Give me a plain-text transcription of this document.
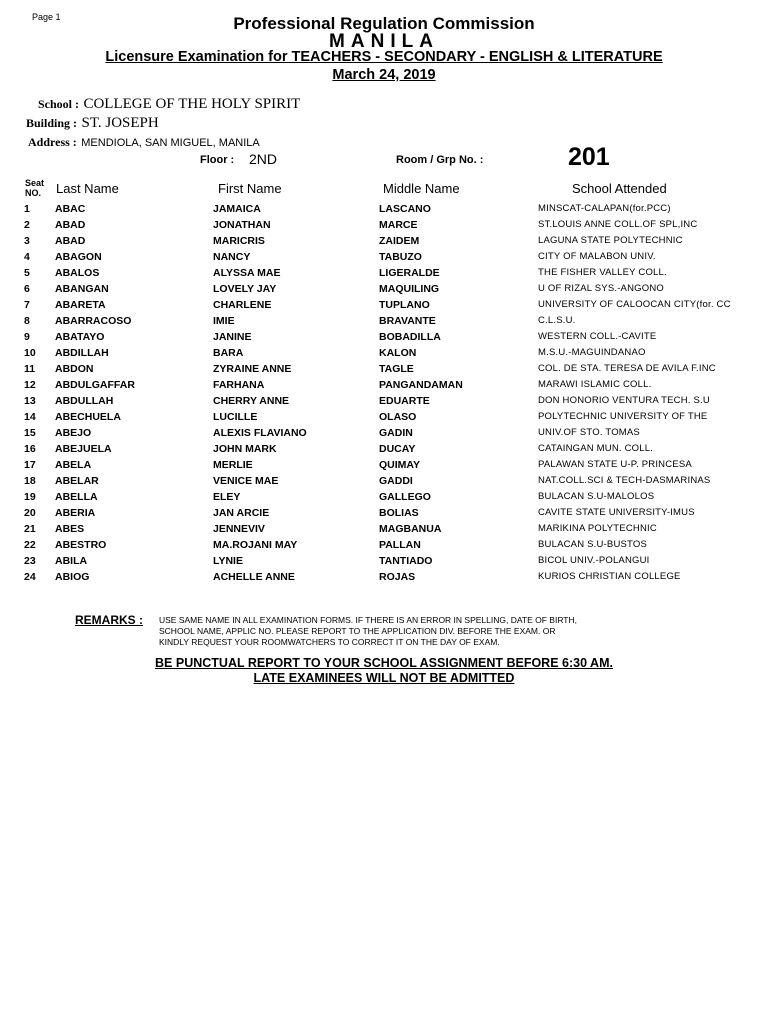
Page 1	Professional Regulation Commission
MANILA
Licensure Examination for TEACHERS - SECONDARY - ENGLISH & LITERATURE
March 24, 2019
School : COLLEGE OF THE HOLY SPIRIT
Building : ST. JOSEPH
Address : MENDIOLA, SAN MIGUEL, MANILA
Floor : 2ND	Room / Grp No. :	201
Seat
NO. Last Name	First Name	Middle Name	School Attended
1	ABAC	JAMAICA	LASCANO	MINSCAT-CALAPAN(for.PCC)
2	ABAD	JONATHAN	MARCE	ST.LOUIS ANNE COLL.OF SPL,INC
3	ABAD	MARICRIS	ZAIDEM	LAGUNA STATE POLYTECHNIC
4	ABAGON	NANCY	TABUZO	CITY OF MALABON UNIV.
5	ABALOS	ALYSSA MAE	LIGERALDE	THE FISHER VALLEY COLL.
6	ABANGAN	LOVELY JAY	MAQUILING	U OF RIZAL SYS.-ANGONO
7	ABARETA	CHARLENE	TUPLANO	UNIVERSITY OF CALOOCAN CITY(for. CC
8	ABARRACOSO	IMIE	BRAVANTE	C.L.S.U.
9	ABATAYO	JANINE	BOBADILLA	WESTERN COLL.-CAVITE
10	ABDILLAH	BARA	KALON	M.S.U.-MAGUINDANAO
11	ABDON	ZYRAINE ANNE	TAGLE	COL. DE STA. TERESA DE AVILA F.INC
12	ABDULGAFFAR	FARHANA	PANGANDAMAN	MARAWI ISLAMIC COLL.
13	ABDULLAH	CHERRY ANNE	EDUARTE	DON HONORIO VENTURA TECH. S.U
14	ABECHUELA	LUCILLE	OLASO	POLYTECHNIC UNIVERSITY OF THE
15	ABEJO	ALEXIS FLAVIANO	GADIN	UNIV.OF STO. TOMAS
16	ABEJUELA	JOHN MARK	DUCAY	CATAINGAN MUN. COLL.
17	ABELA	MERLIE	QUIMAY	PALAWAN STATE U-P. PRINCESA
18	ABELAR	VENICE MAE	GADDI	NAT.COLL.SCI & TECH-DASMARINAS
19	ABELLA	ELEY	GALLEGO	BULACAN S.U-MALOLOS
20	ABERIA	JAN ARCIE	BOLIAS	CAVITE STATE UNIVERSITY-IMUS
21	ABES	JENNEVIV	MAGBANUA	MARIKINA POLYTECHNIC
22	ABESTRO	MA.ROJANI MAY	PALLAN	BULACAN S.U-BUSTOS
23	ABILA	LYNIE	TANTIADO	BICOL UNIV.-POLANGUI
24	ABIOG	ACHELLE ANNE	ROJAS	KURIOS CHRISTIAN COLLEGE
REMARKS : USE SAME NAME IN ALL EXAMINATION FORMS. IF THERE IS AN ERROR IN SPELLING, DATE OF BIRTH,
SCHOOL NAME, APPLIC NO. PLEASE REPORT TO THE APPLICATION DIV. BEFORE THE EXAM. OR
KINDLY REQUEST YOUR ROOMWATCHERS TO CORRECT IT ON THE DAY OF EXAM.
BE PUNCTUAL REPORT TO YOUR SCHOOL ASSIGNMENT BEFORE 6:30 AM.
LATE EXAMINEES WILL NOT BE ADMITTED
